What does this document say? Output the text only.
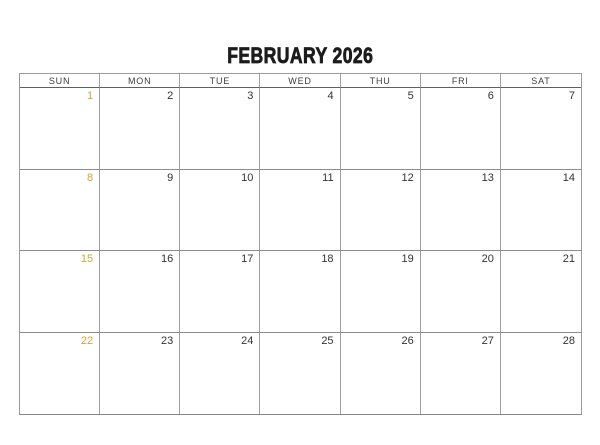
FEBRUARY 2026
SUN	MON	TUE	WED	THU	FRI	SAT
1	2	3	4	5	6	7
8	9	10	11	12	13	14
15	16	17	18	19	20	21
22	23	24	25	26	27	28
